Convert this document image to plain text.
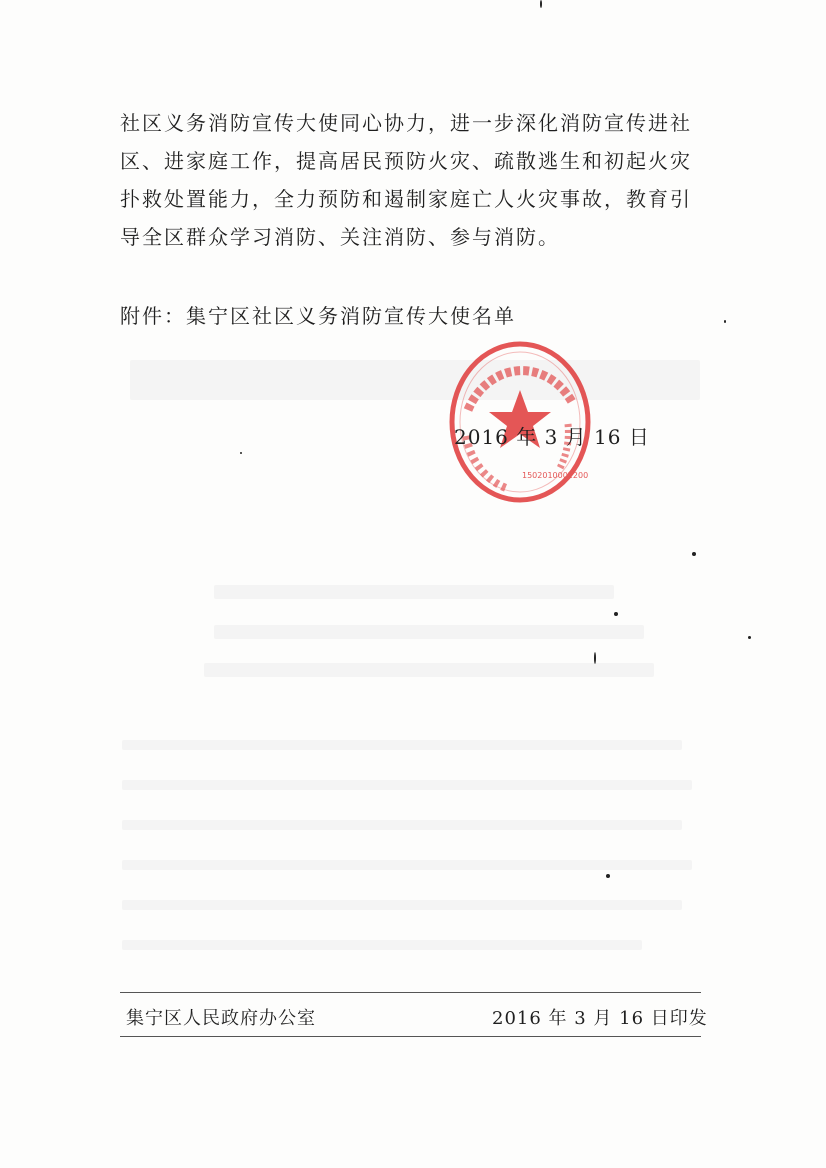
社区义务消防宣传大使同心协力，进一步深化消防宣传进社
区、进家庭工作，提高居民预防火灾、疏散逃生和初起火灾
扑救处置能力，全力预防和遏制家庭亡人火灾事故，教育引
导全区群众学习消防、关注消防、参与消防。

附件：集宁区社区义务消防宣传大使名单
1502010002200
2016 年 3 月 16 日
集宁区人民政府办公室	2016 年 3 月 16 日印发
